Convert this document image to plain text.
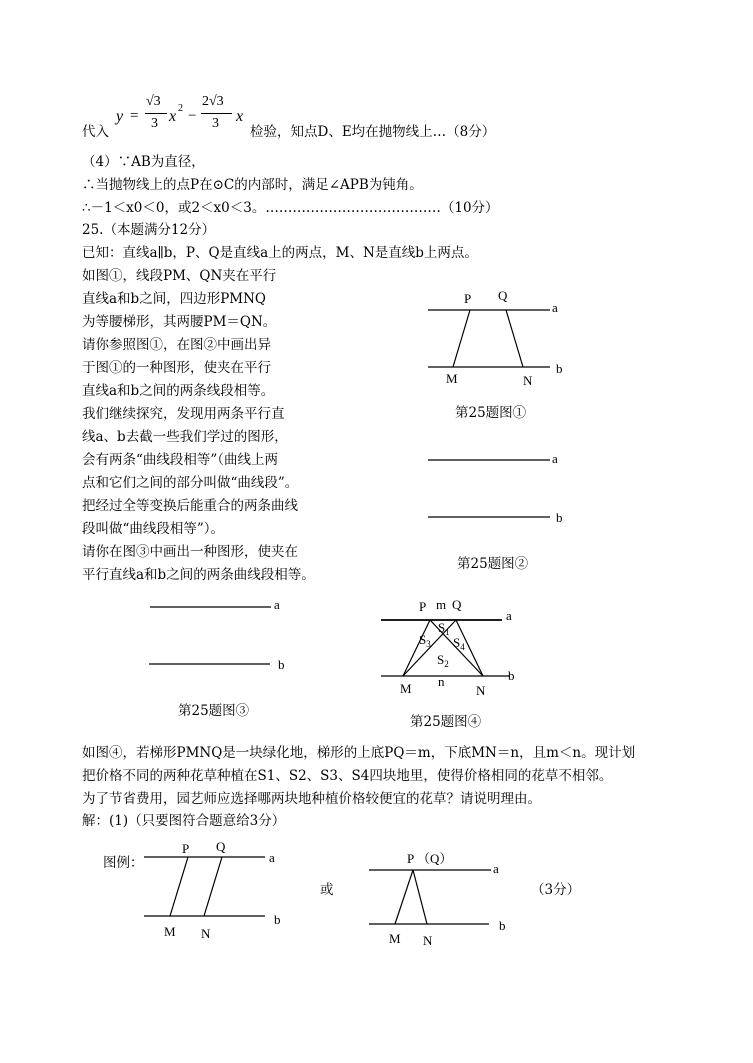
代入
y =
√3
3 x 2 −
2√3
3 x
检验，知点D、E均在抛物线上…（8分）
（4）∵AB为直径，
∴当抛物线上的点P在⊙C的内部时，满足∠APB为钝角。
∴－1＜x0＜0，或2＜x0＜3。…………………………………（10分）
25.（本题满分12分）
已知：直线a∥b，P、Q是直线a上的两点，M、N是直线b上两点。
如图①，线段PM、QN夹在平行
直线a和b之间，四边形PMNQ
为等腰梯形，其两腰PM＝QN。
请你参照图①，在图②中画出异
于图①的一种图形，使夹在平行
直线a和b之间的两条线段相等。
我们继续探究，发现用两条平行直
线a、b去截一些我们学过的图形，
会有两条“曲线段相等”（曲线上两
点和它们之间的部分叫做“曲线段”。
把经过全等变换后能重合的两条曲线
段叫做“曲线段相等”）。
请你在图③中画出一种图形，使夹在
平行直线a和b之间的两条曲线段相等。
P Q
a
b
M	N
第25题图①
a
b
第25题图②
a
b
第25题图③
P m Q
a
$S_1$
$S_3$ $S_4$
$S_2$
n	b
M	N
第25题图④
如图④，若梯形PMNQ是一块绿化地，梯形的上底PQ＝m，下底MN＝n，且m＜n。现计划
把价格不同的两种花草种植在S1、S2、S3、S4四块地里，使得价格相同的花草不相邻。
为了节省费用，园艺师应选择哪两块地种植价格较便宜的花草？请说明理由。
解：(1)（只要图符合题意给3分）
图例：
P Q
a
b
M N
或
P （Q）
a
b
M N
（3分）
